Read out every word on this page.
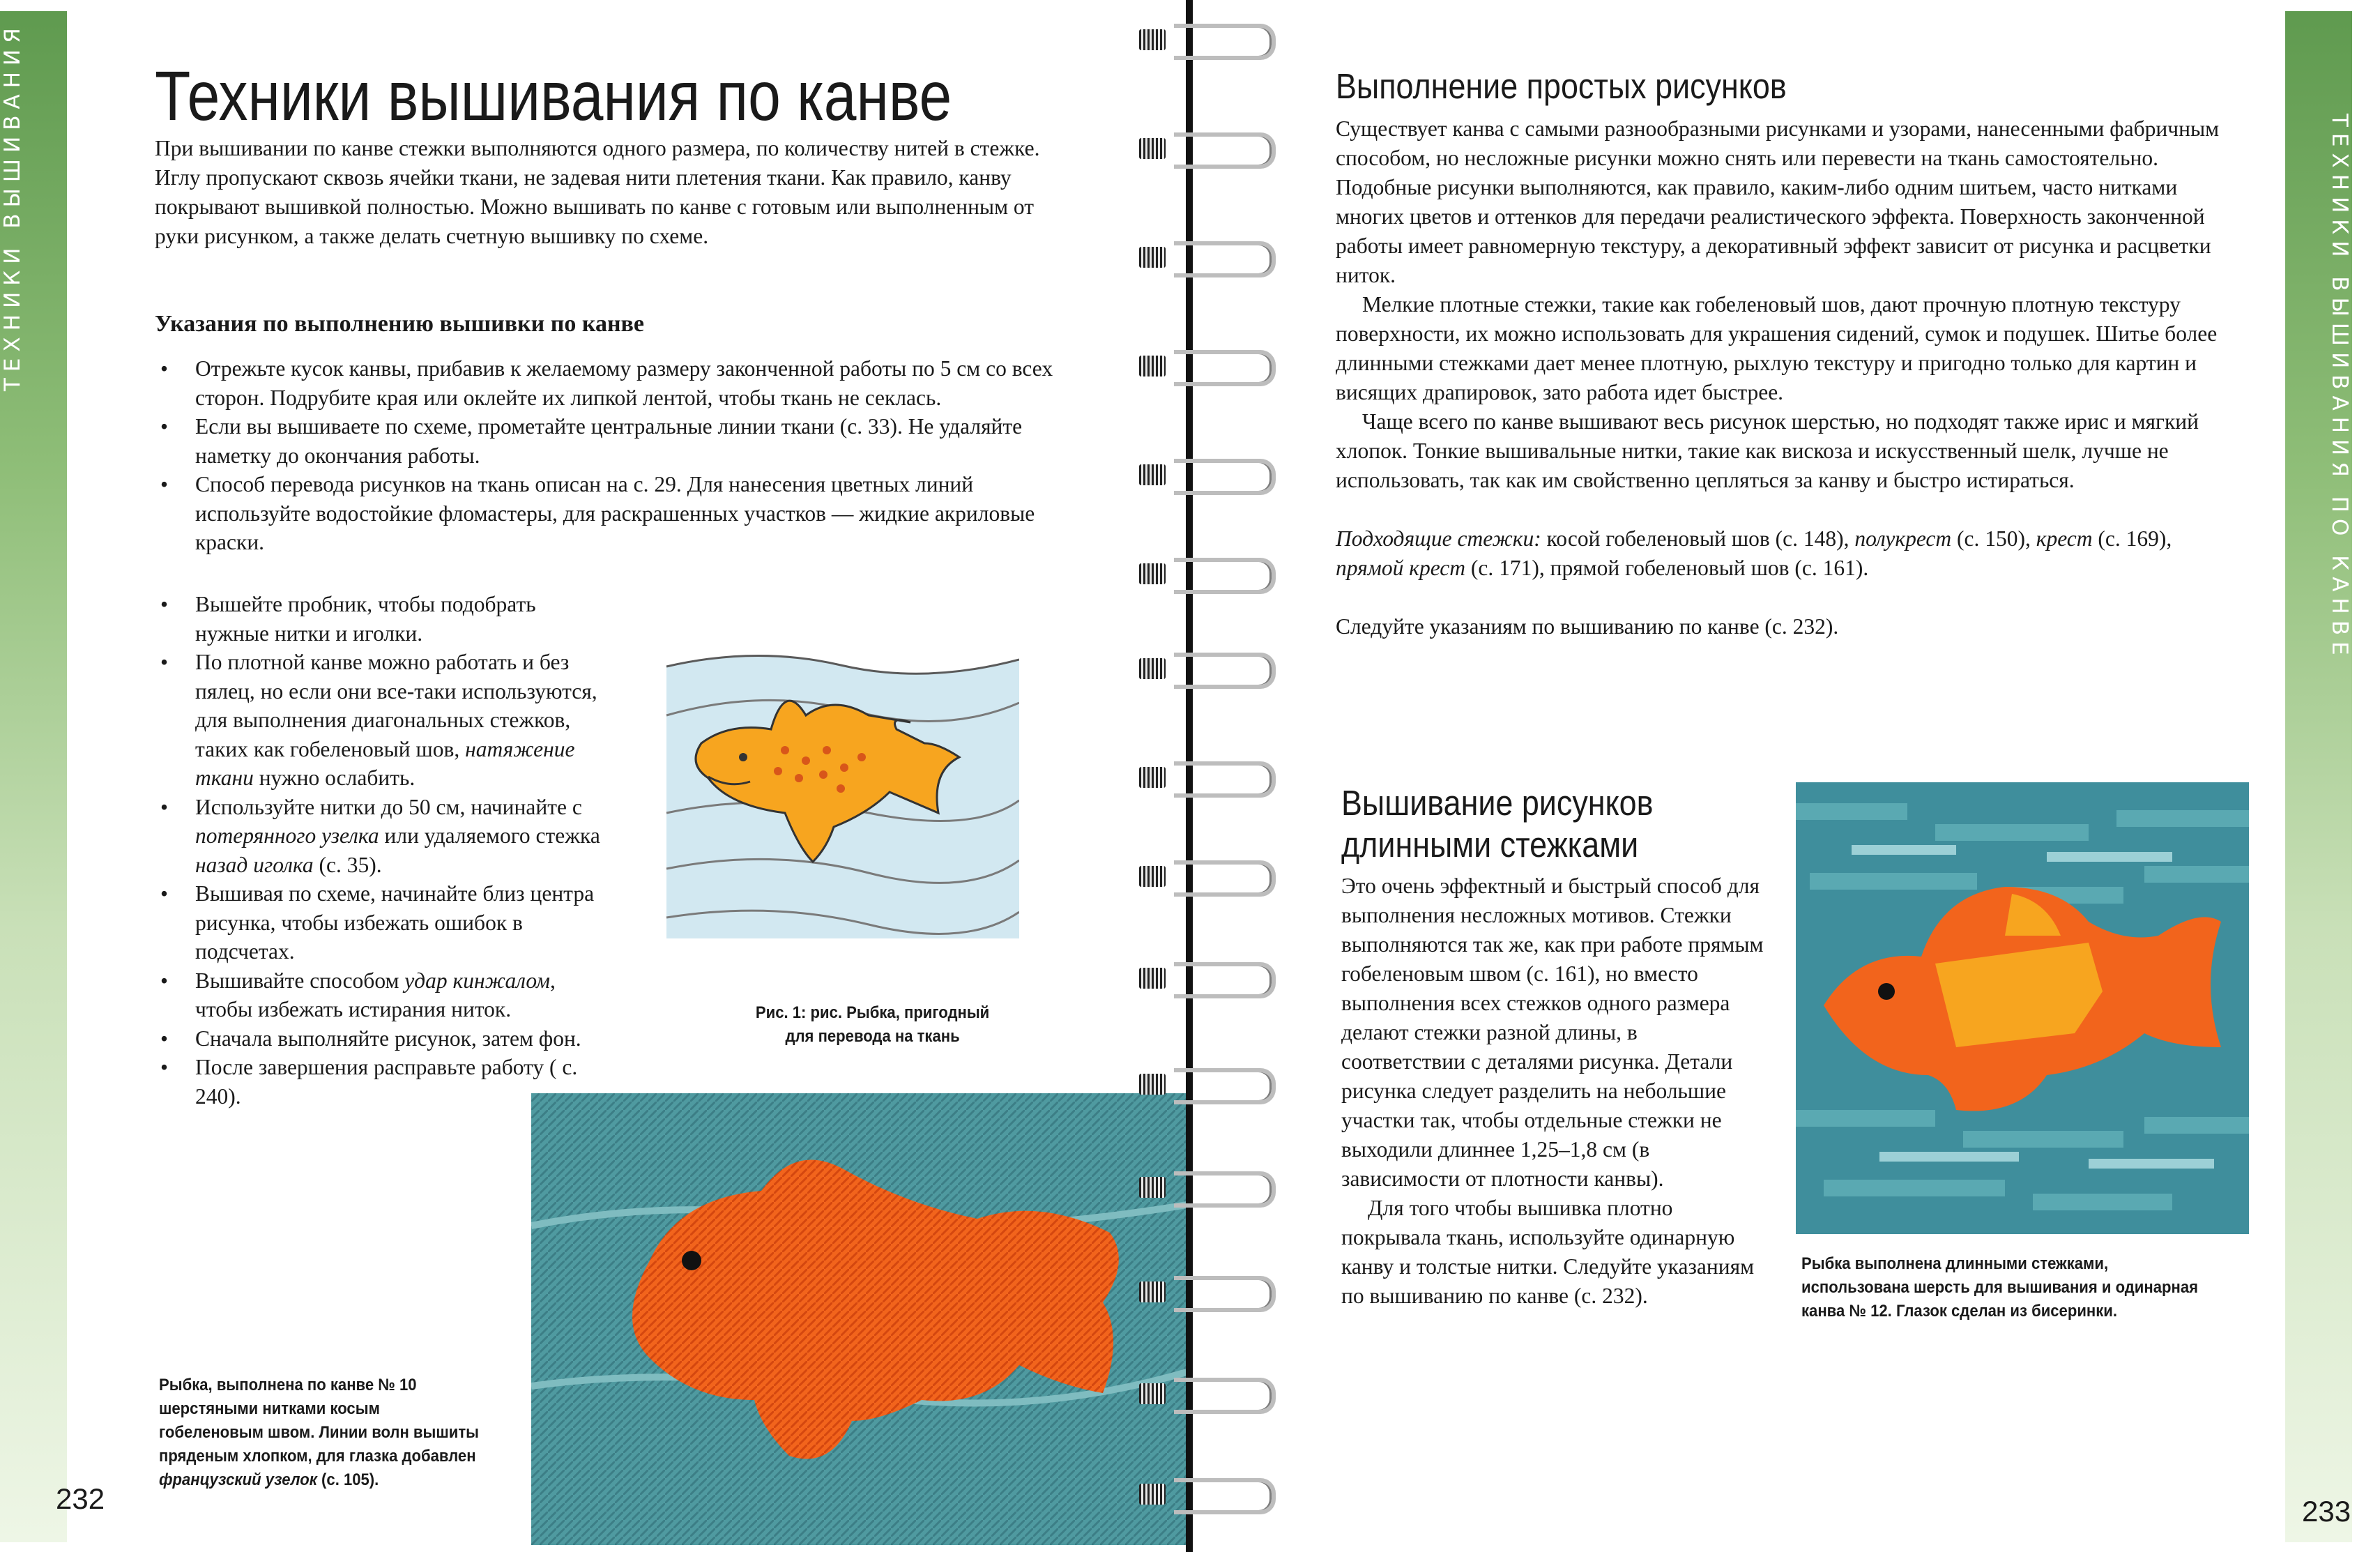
ТЕХНИКИ ВЫШИВАНИЯ	ТЕХНИКИ ВЫШИВАНИЯ ПО КАНВЕ
Техники вышивания по канве

При вышивании по канве стежки выполняются одного размера, по количеству нитей в стежке. Иглу пропускают сквозь ячейки ткани, не задевая нити плетения ткани. Как правило, канву покрывают вышивкой полностью. Можно вышивать по канве с готовым или выполненным от руки рисунком, а также делать счетную вышивку по схеме.

Указания по выполнению вышивки по канве
• Отрежьте кусок канвы, прибавив к желаемому размеру законченной работы по 5 см со всех сторон. Подрубите края или оклейте их липкой лентой, чтобы ткань не секлась.
• Если вы вышиваете по схеме, прометайте центральные линии ткани (с. 33). Не удаляйте наметку до окончания работы.
• Способ перевода рисунков на ткань описан на с. 29. Для нанесения цветных линий используйте водостойкие фломастеры, для раскрашенных участков — жидкие акриловые краски.
• Вышейте пробник, чтобы подобрать нужные нитки и иголки.
• По плотной канве можно работать и без пялец, но если они все-таки используются, для выполнения диагональных стежков, таких как гобеленовый шов, натяжение ткани нужно ослабить.
• Используйте нитки до 50 см, начинайте с потерянного узелка или удаляемого стежка назад иголка (с. 35).
• Вышивая по схеме, начинайте близ центра рисунка, чтобы избежать ошибок в подсчетах.
• Вышивайте способом удар кинжалом, чтобы избежать истирания ниток.
• Сначала выполняйте рисунок, затем фон.
• После завершения расправьте работу ( с. 240).
Рис. 1: рис. Рыбка, пригодный
для перевода на ткань
Рыбка, выполнена по канве № 10 шерстяными нитками косым гобеленовым швом. Линии волн вышиты пряденым хлопком, для глазка добавлен французский узелок (с. 105).
232
Выполнение простых рисунков

Существует канва с самыми разнообразными рисунками и узорами, нанесенными фабричным способом, но несложные рисунки можно снять или перевести на ткань самостоятельно. Подобные рисунки выполняются, как правило, каким-либо одним шитьем, часто нитками многих цветов и оттенков для передачи реалистического эффекта. Поверхность законченной работы имеет равномерную текстуру, а декоративный эффект зависит от рисунка и расцветки ниток.

Мелкие плотные стежки, такие как гобеленовый шов, дают прочную плотную текстуру поверхности, их можно использовать для украшения сидений, сумок и подушек. Шитье более длинными стежками дает менее плотную, рыхлую текстуру и пригодно только для картин и висящих драпировок, зато работа идет быстрее.

Чаще всего по канве вышивают весь рисунок шерстью, но подходят также ирис и мягкий хлопок. Тонкие вышивальные нитки, такие как вискоза и искусственный шелк, лучше не использовать, так как им свойственно цепляться за канву и быстро истираться.

Подходящие стежки: косой гобеленовый шов (с. 148), полукрест (с. 150), крест (с. 169), прямой крест (с. 171), прямой гобеленовый шов (с. 161).

Следуйте указаниям по вышиванию по канве (с. 232).

Вышивание рисунков длинными стежками

Это очень эффектный и быстрый способ для выполнения несложных мотивов. Стежки выполняются так же, как при работе прямым гобеленовым швом (с. 161), но вместо выполнения всех стежков одного размера делают стежки разной длины, в соответствии с деталями рисунка. Детали рисунка следует разделить на небольшие участки так, чтобы отдельные стежки не выходили длиннее 1,25–1,8 см (в зависимости от плотности канвы).

Для того чтобы вышивка плотно покрывала ткань, используйте одинарную канву и толстые нитки. Следуйте указаниям по вышиванию по канве (с. 232).

Рыбка выполнена длинными стежками, использована шерсть для вышивания и одинарная канва № 12. Глазок сделан из бисеринки.
233
